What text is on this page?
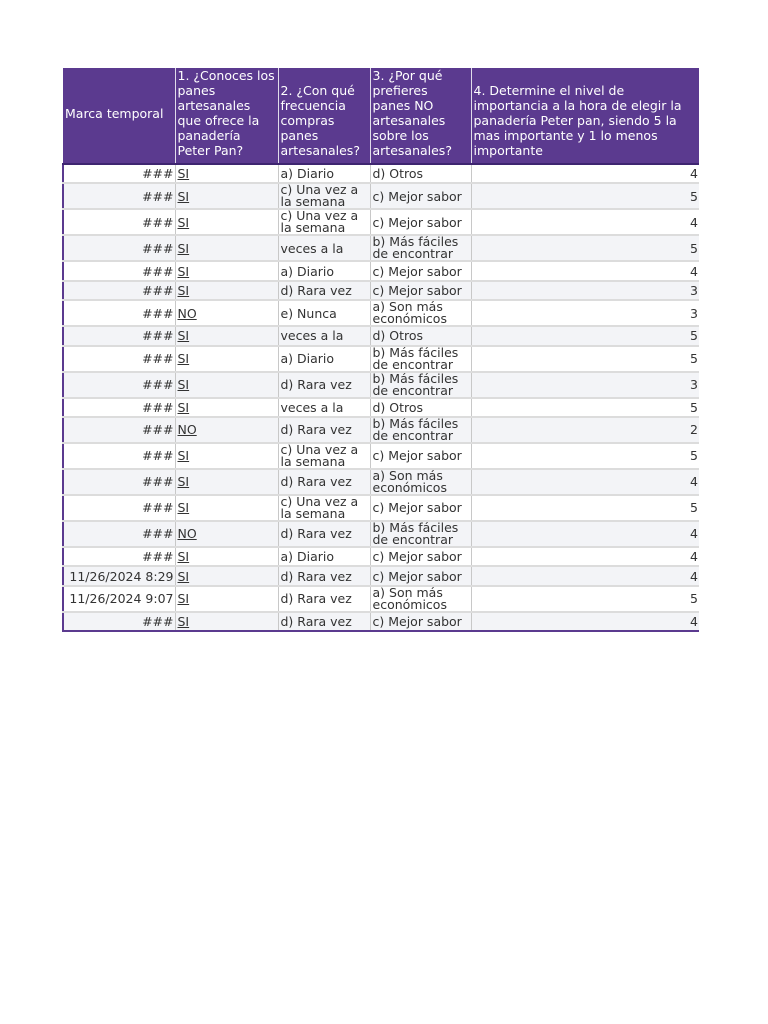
Marca temporal	1. ¿Conoces los panes artesanales que ofrece la panadería Peter Pan?	2. ¿Con qué frecuencia compras panes artesanales?	3. ¿Por qué prefieres panes NO artesanales sobre los artesanales?	4. Determine el nivel de importancia a la hora de elegir la panadería Peter pan, siendo 5 la mas importante y 1 lo menos importante
###	SI	a) Diario	d) Otros	4
###	SI	c) Una vez a la semana	c) Mejor sabor	5
###	SI	c) Una vez a la semana	c) Mejor sabor	4
###	SI	veces a la	b) Más fáciles de encontrar	5
###	SI	a) Diario	c) Mejor sabor	4
###	SI	d) Rara vez	c) Mejor sabor	3
###	NO	e) Nunca	a) Son más económicos	3
###	SI	veces a la	d) Otros	5
###	SI	a) Diario	b) Más fáciles de encontrar	5
###	SI	d) Rara vez	b) Más fáciles de encontrar	3
###	SI	veces a la	d) Otros	5
###	NO	d) Rara vez	b) Más fáciles de encontrar	2
###	SI	c) Una vez a la semana	c) Mejor sabor	5
###	SI	d) Rara vez	a) Son más económicos	4
###	SI	c) Una vez a la semana	c) Mejor sabor	5
###	NO	d) Rara vez	b) Más fáciles de encontrar	4
###	SI	a) Diario	c) Mejor sabor	4
11/26/2024 8:29	SI	d) Rara vez	c) Mejor sabor	4
11/26/2024 9:07	SI	d) Rara vez	a) Son más económicos	5
###	SI	d) Rara vez	c) Mejor sabor	4
